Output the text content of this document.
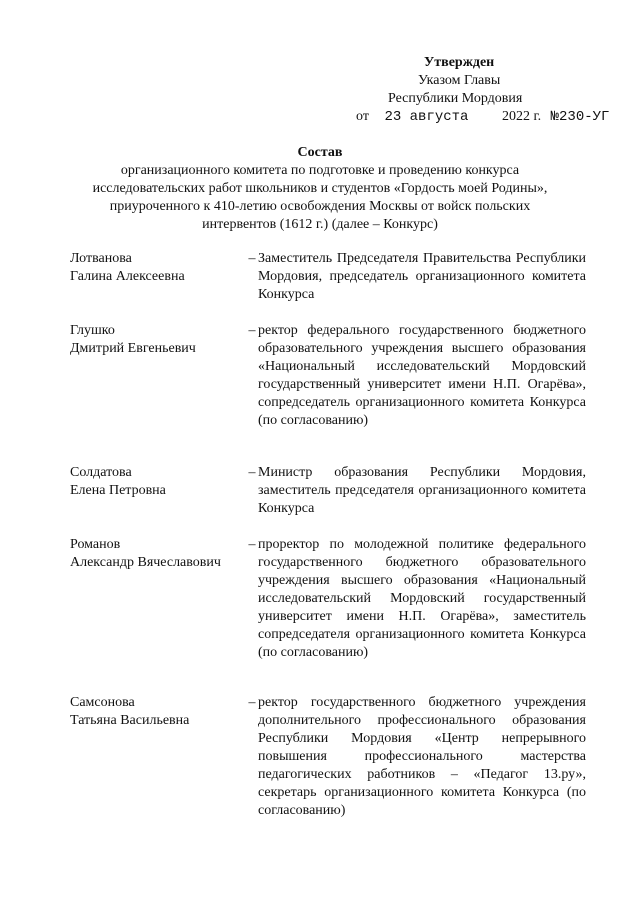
Утвержден
Указом Главы
Республики Мордовия
от 23 августа 2022 г. №230-УГ
Состав
организационного комитета по подготовке и проведению конкурса
исследовательских работ школьников и студентов «Гордость моей Родины»,
приуроченного к 410-летию освобождения Москвы от войск польских
интервентов (1612 г.) (далее – Конкурс)
Лотванова
Галина Алексеевна
– Заместитель Председателя Правительства Республики Мордовия, председатель организационного комитета Конкурса
Глушко
Дмитрий Евгеньевич
– ректор федерального государственного бюджетного образовательного учреждения высшего образования «Национальный исследовательский Мордовский государственный университет имени Н.П. Огарёва», сопредседатель организационного комитета Конкурса (по согласованию)
Солдатова
Елена Петровна
– Министр образования Республики Мордовия, заместитель председателя организационного комитета Конкурса
Романов
Александр Вячеславович
– проректор по молодежной политике федерального государственного бюджетного образовательного учреждения высшего образования «Национальный исследовательский Мордовский государственный университет имени Н.П. Огарёва», заместитель сопредседателя организационного комитета Конкурса (по согласованию)
Самсонова
Татьяна Васильевна
– ректор государственного бюджетного учреждения дополнительного профессионального образования Республики Мордовия «Центр непрерывного повышения профессионального мастерства педагогических работников – «Педагог 13.ру», секретарь организационного комитета Конкурса (по согласованию)
